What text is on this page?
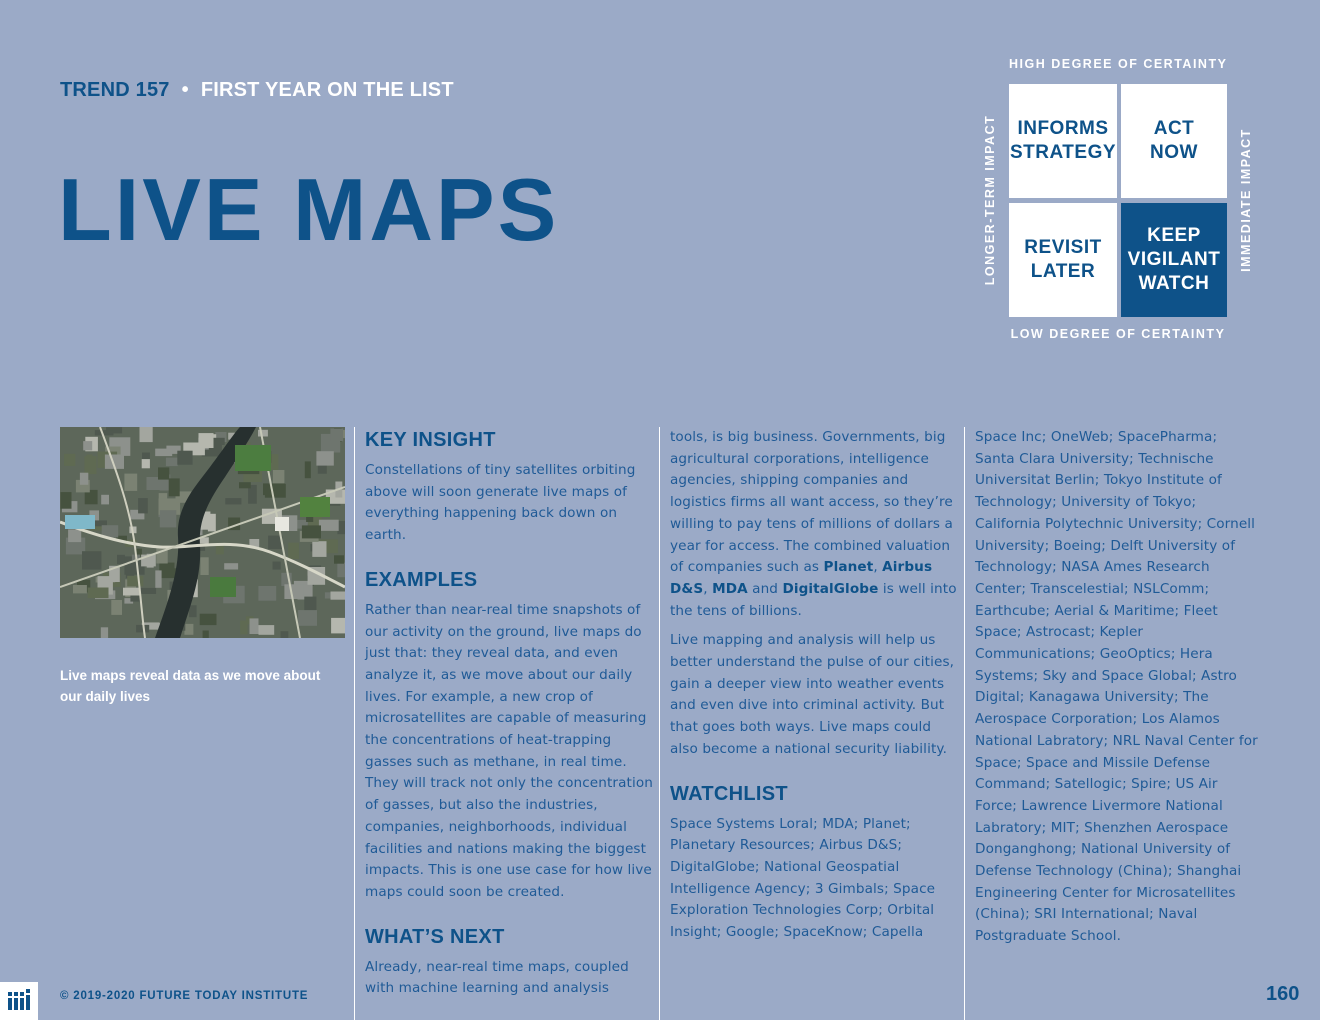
TREND 157 • FIRST YEAR ON THE LIST
LIVE MAPS
HIGH DEGREE OF CERTAINTY
LOW DEGREE OF CERTAINTY
LONGER-TERM IMPACT	IMMEDIATE IMPACT
INFORMS
STRATEGY
ACT
NOW
REVISIT
LATER
KEEP
VIGILANT
WATCH
Live maps reveal data as we move about our daily lives
KEY INSIGHT

Constellations of tiny satellites orbiting above will soon generate live maps of everything happening back down on earth.

EXAMPLES

Rather than near-real time snapshots of our activity on the ground, live maps do just that: they reveal data, and even analyze it, as we move about our daily lives. For example, a new crop of microsatellites are capable of measuring the concentrations of heat-trapping gasses such as methane, in real time. They will track not only the concentration of gasses, but also the industries, companies, neighborhoods, individual facilities and nations making the biggest impacts. This is one use case for how live maps could soon be created.

WHAT’S NEXT

Already, near-real time maps, coupled with machine learning and analysis

tools, is big business. Governments, big agricultural corporations, intelligence agencies, shipping companies and logistics firms all want access, so they’re willing to pay tens of millions of dollars a year for access. The combined valuation of companies such as Planet, Airbus D&S, MDA and DigitalGlobe is well into the tens of billions.

Live mapping and analysis will help us better understand the pulse of our cities, gain a deeper view into weather events and even dive into criminal activity. But that goes both ways. Live maps could also become a national security liability.

WATCHLIST

Space Systems Loral; MDA; Planet; Planetary Resources; Airbus D&S; DigitalGlobe; National Geospatial Intelligence Agency; 3 Gimbals; Space Exploration Technologies Corp; Orbital Insight; Google; SpaceKnow; Capella

Space Inc; OneWeb; SpacePharma; Santa Clara University; Technische Universitat Berlin; Tokyo Institute of Technology; University of Tokyo; California Polytechnic University; Cornell University; Boeing; Delft University of Technology; NASA Ames Research Center; Transcelestial; NSLComm; Earthcube; Aerial & Maritime; Fleet Space; Astrocast; Kepler Communications; GeoOptics; Hera Systems; Sky and Space Global; Astro Digital; Kanagawa University; The Aerospace Corporation; Los Alamos National Labratory; NRL Naval Center for Space; Space and Missile Defense Command; Satellogic; Spire; US Air Force; Lawrence Livermore National Labratory; MIT; Shenzhen Aerospace Donganghong; National University of Defense Technology (China); Shanghai Engineering Center for Microsatellites (China); SRI International; Naval Postgraduate School.

© 2019-2020 FUTURE TODAY INSTITUTE	160
